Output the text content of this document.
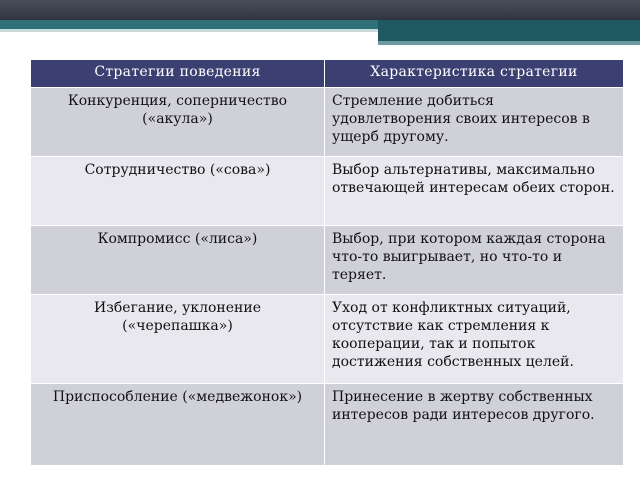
Стратегии поведения	Характеристика стратегии
Конкуренция, соперничество («акула»)	Стремление добиться удовлетворения своих интересов в ущерб другому.
Сотрудничество («сова»)	Выбор альтернативы, максимально отвечающей интересам обеих сторон.
Компромисс («лиса»)	Выбор, при котором каждая сторона что-то выигрывает, но что-то и теряет.
Избегание, уклонение («черепашка»)	Уход от конфликтных ситуаций, отсутствие как стремления к кооперации, так и попыток достижения собственных целей.
Приспособление («медвежонок»)	Принесение в жертву собственных интересов ради интересов другого.
